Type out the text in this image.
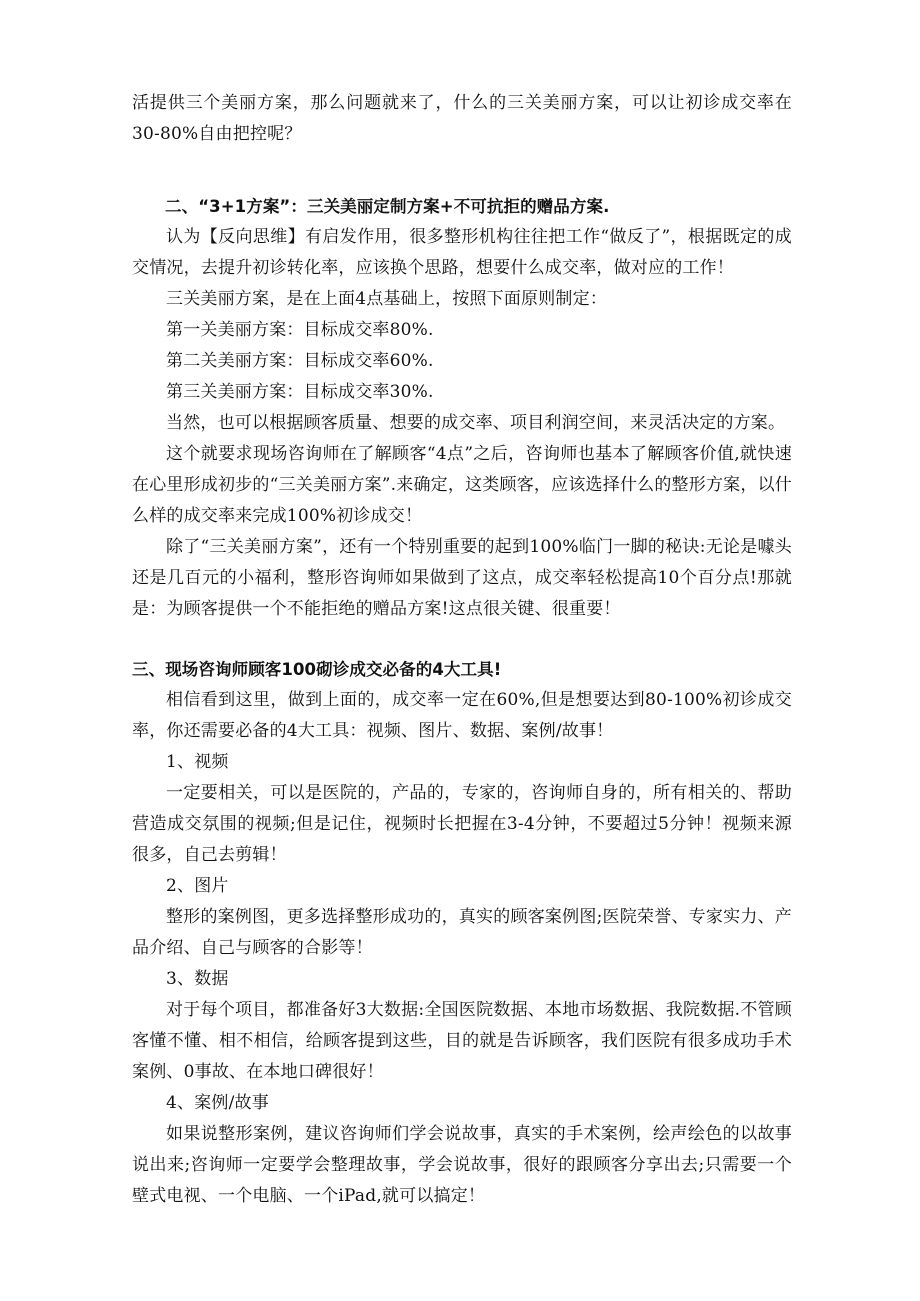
活提供三个美丽方案，那么问题就来了，什么的三关美丽方案，可以让初诊成交率在30-80%自由把控呢？

二、“3+1方案”：三关美丽定制方案+不可抗拒的赠品方案.

认为【反向思维】有启发作用，很多整形机构往往把工作“做反了”，根据既定的成交情况，去提升初诊转化率，应该换个思路，想要什么成交率，做对应的工作！

三关美丽方案，是在上面4点基础上，按照下面原则制定：

第一关美丽方案：目标成交率80%.

第二关美丽方案：目标成交率60%.

第三关美丽方案：目标成交率30%.

当然，也可以根据顾客质量、想要的成交率、项目利润空间，来灵活决定的方案。

这个就要求现场咨询师在了解顾客“4点”之后，咨询师也基本了解顾客价值,就快速在心里形成初步的“三关美丽方案”.来确定，这类顾客，应该选择什么的整形方案，以什么样的成交率来完成100%初诊成交！

除了“三关美丽方案”，还有一个特别重要的起到100%临门一脚的秘诀:无论是噱头还是几百元的小福利，整形咨询师如果做到了这点，成交率轻松提高10个百分点!那就是：为顾客提供一个不能拒绝的赠品方案!这点很关键、很重要！

三、现场咨询师顾客100砌诊成交必备的4大工具!

相信看到这里，做到上面的，成交率一定在60%,但是想要达到80-100%初诊成交率，你还需要必备的4大工具：视频、图片、数据、案例/故事！

1、视频

一定要相关，可以是医院的，产品的，专家的，咨询师自身的，所有相关的、帮助营造成交氛围的视频;但是记住，视频时长把握在3-4分钟，不要超过5分钟！视频来源很多，自己去剪辑！

2、图片

整形的案例图，更多选择整形成功的，真实的顾客案例图;医院荣誉、专家实力、产品介绍、自己与顾客的合影等！

3、数据

对于每个项目，都准备好3大数据:全国医院数据、本地市场数据、我院数据.不管顾客懂不懂、相不相信，给顾客提到这些，目的就是告诉顾客，我们医院有很多成功手术案例、0事故、在本地口碑很好！

4、案例/故事

如果说整形案例，建议咨询师们学会说故事，真实的手术案例，绘声绘色的以故事说出来;咨询师一定要学会整理故事，学会说故事，很好的跟顾客分享出去;只需要一个壁式电视、一个电脑、一个iPad,就可以搞定！
